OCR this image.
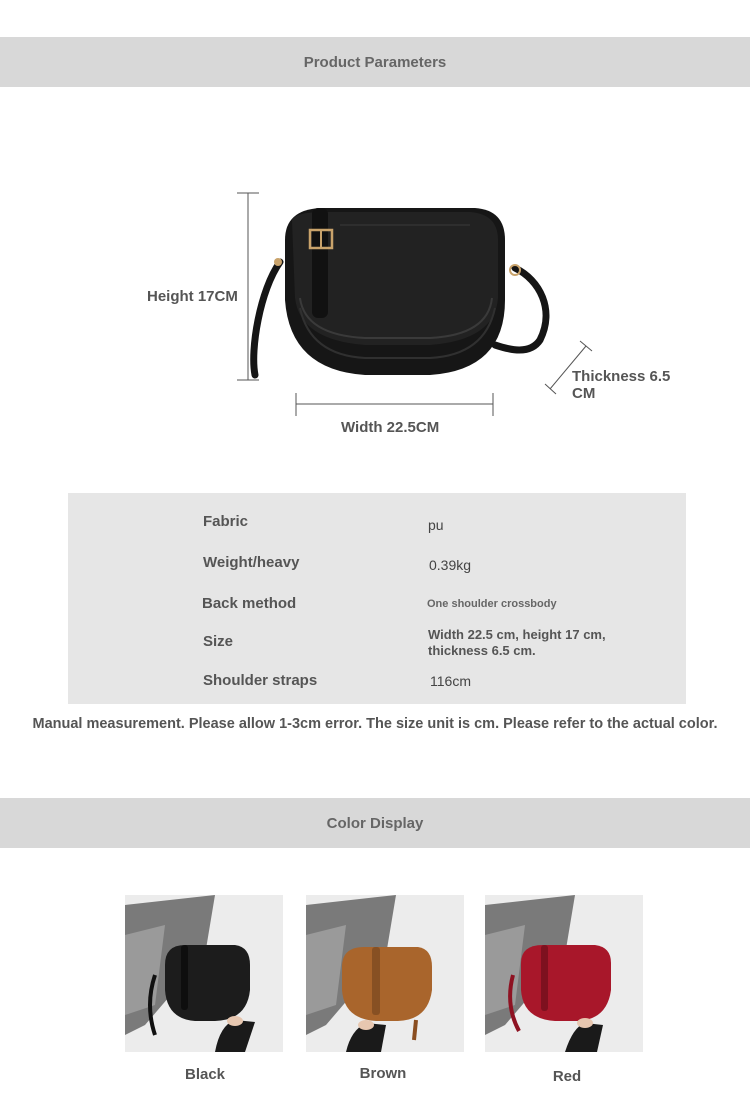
Product Parameters
Height 17CM
Width 22.5CM
Thickness 6.5
CM
Fabric	pu
Weight/heavy	0.39kg
Back method	One shoulder crossbody
Size	Width 22.5 cm, height 17 cm,
thickness 6.5 cm.
Shoulder straps	116cm
Manual measurement. Please allow 1-3cm error. The size unit is cm. Please refer to the actual color.
Color Display
Black	Brown	Red
